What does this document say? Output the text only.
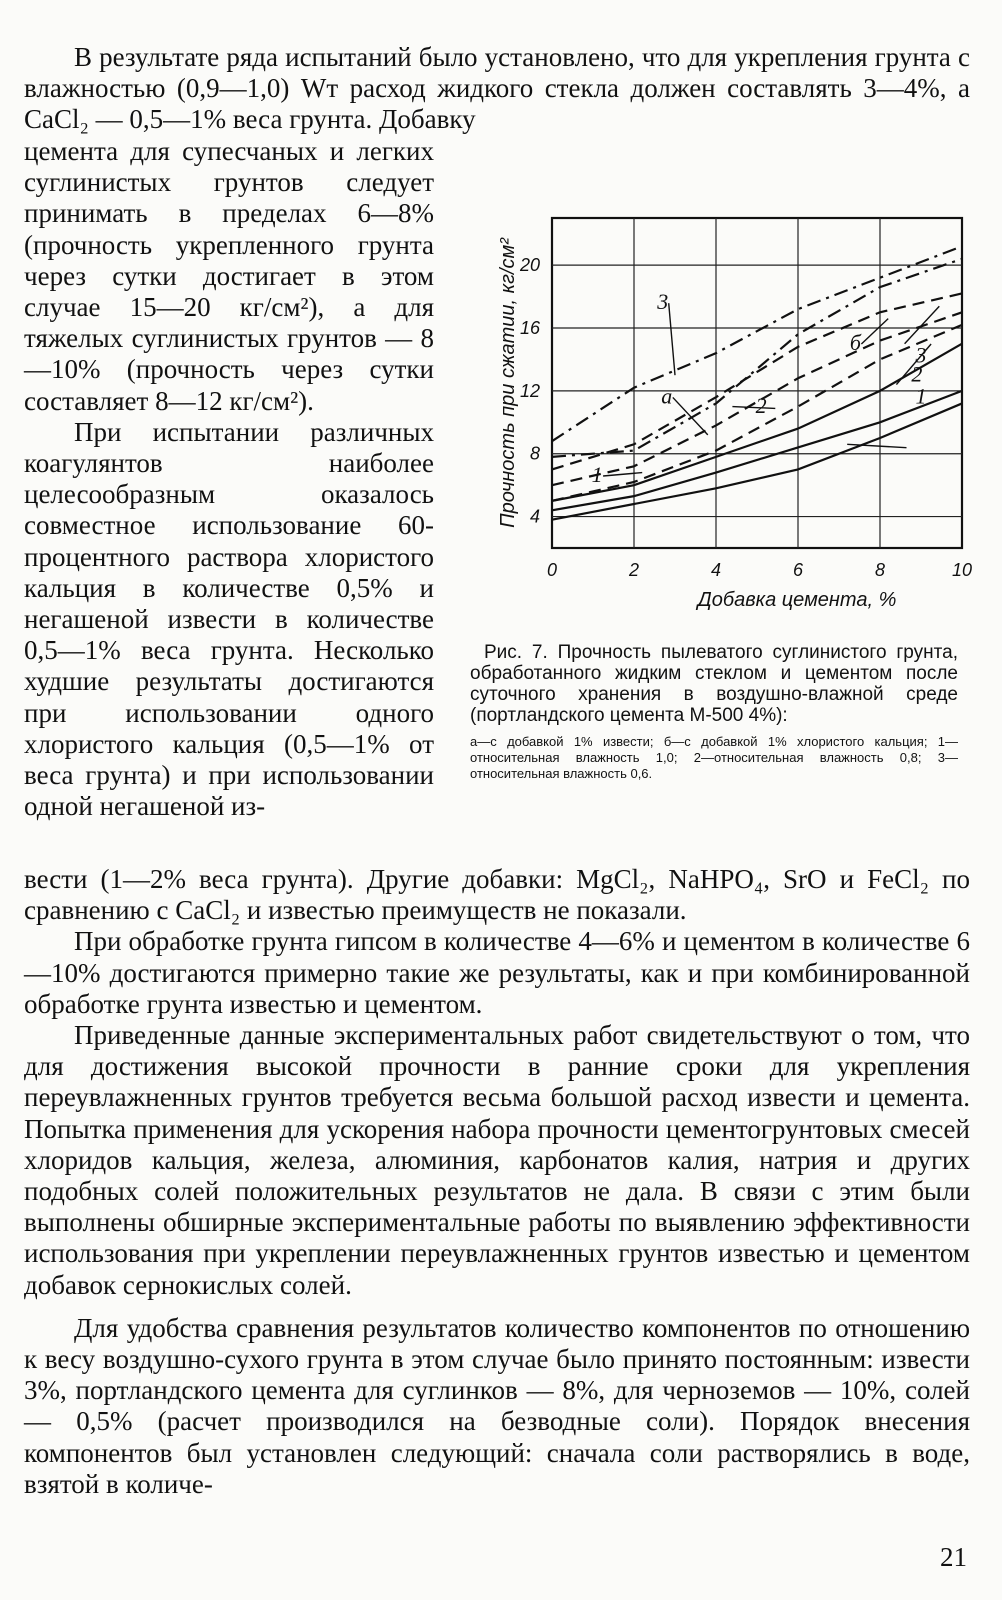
В результате ряда испытаний было установлено, что для укрепления грунта с влажностью (0,9—1,0) Wт расход жидкого стекла должен составлять 3—4%, а CaCl₂ — 0,5—1% веса грунта. Добавку

цемента для супесчаных и легких суглинистых грунтов следует принимать в пределах 6—8% (прочность укрепленного грунта через сутки достигает в этом случае 15—20 кг/см²), а для тяжелых суглинистых грунтов — 8—10% (прочность через сутки составляет 8—12 кг/см²).

При испытании различных коагулянтов наиболее целесообразным оказалось совместное использование 60-процентного раствора хлористого кальция в количестве 0,5% и негашеной извести в количестве 0,5—1% веса грунта. Несколько худшие результаты достигаются при использовании одного хлористого кальция (0,5—1% от веса грунта) и при использовании одной негашеной из-

0	2	4	6	8	10
4
8
12
16
20
Добавка цемента, %
Прочность при сжатии, кг/см²	1
2
3
1
2
3
а
б

Рис. 7. Прочность пылеватого суглинистого грунта, обработанного жидким стеклом и цементом после суточного хранения в воздушно-влажной среде (портландского цемента М-500 4%):

а—с добавкой 1% извести; б—с добавкой 1% хлористого кальция; 1—относительная влажность 1,0; 2—относительная влажность 0,8; 3—относительная влажность 0,6.

вести (1—2% веса грунта). Другие добавки: MgCl₂, NaHPO₄, SrO и FeCl₂ по сравнению с CaCl₂ и известью преимуществ не показали.

При обработке грунта гипсом в количестве 4—6% и цементом в количестве 6—10% достигаются примерно такие же результаты, как и при комбинированной обработке грунта известью и цементом.

Приведенные данные экспериментальных работ свидетельствуют о том, что для достижения высокой прочности в ранние сроки для укрепления переувлажненных грунтов требуется весьма большой расход извести и цемента. Попытка применения для ускорения набора прочности цементогрунтовых смесей хлоридов кальция, железа, алюминия, карбонатов калия, натрия и других подобных солей положительных результатов не дала. В связи с этим были выполнены обширные экспериментальные работы по выявлению эффективности использования при укреплении переувлажненных грунтов известью и цементом добавок сернокислых солей.

Для удобства сравнения результатов количество компонентов по отношению к весу воздушно-сухого грунта в этом случае было принято постоянным: извести 3%, портландского цемента для суглинков — 8%, для черноземов — 10%, солей — 0,5% (расчет производился на безводные соли). Порядок внесения компонентов был установлен следующий: сначала соли растворялись в воде, взятой в количе-

21
